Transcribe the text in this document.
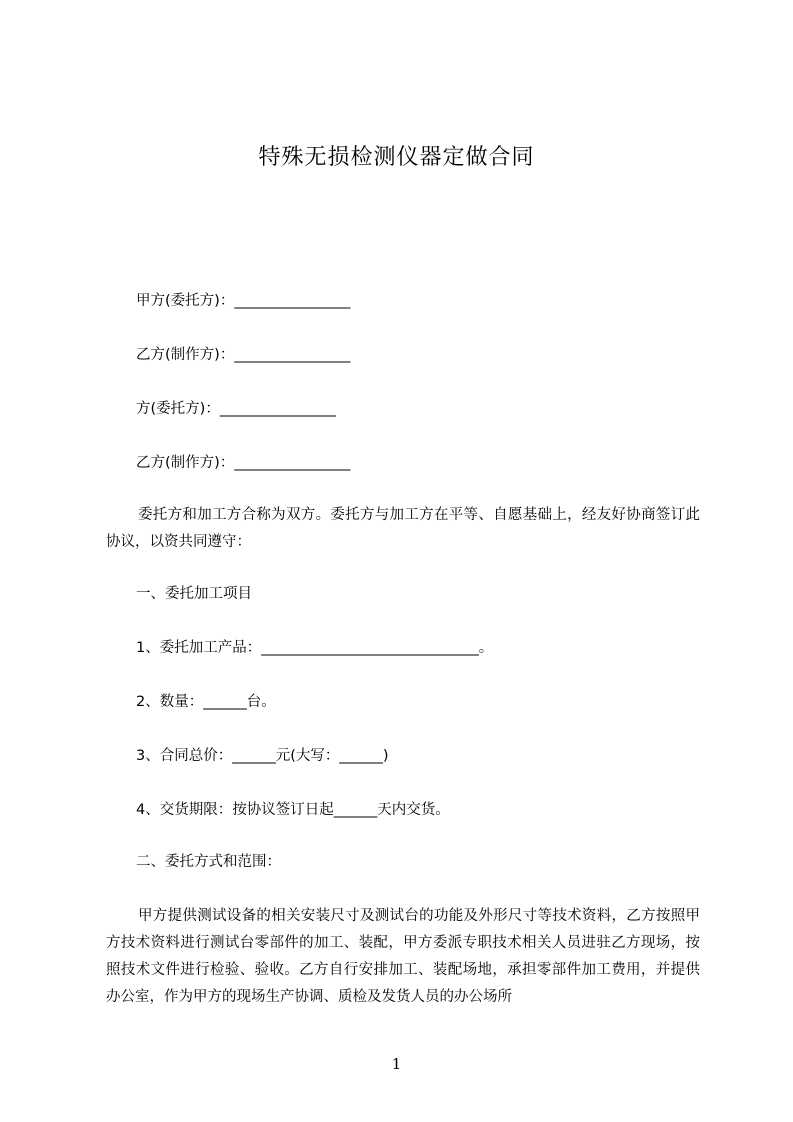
特殊无损检测仪器定做合同
甲方(委托方)：________________
乙方(制作方)：________________
方(委托方)：________________
乙方(制作方)：________________
委托方和加工方合称为双方。委托方与加工方在平等、自愿基础上，经友好协商签订此协议，以资共同遵守：
一、委托加工项目
1、委托加工产品：______________________________。
2、数量：______台。
3、合同总价：______元(大写：______)
4、交货期限：按协议签订日起______天内交货。
二、委托方式和范围：
甲方提供测试设备的相关安装尺寸及测试台的功能及外形尺寸等技术资料，乙方按照甲方技术资料进行测试台零部件的加工、装配，甲方委派专职技术相关人员进驻乙方现场，按照技术文件进行检验、验收。乙方自行安排加工、装配场地，承担零部件加工费用，并提供办公室，作为甲方的现场生产协调、质检及发货人员的办公场所
1
